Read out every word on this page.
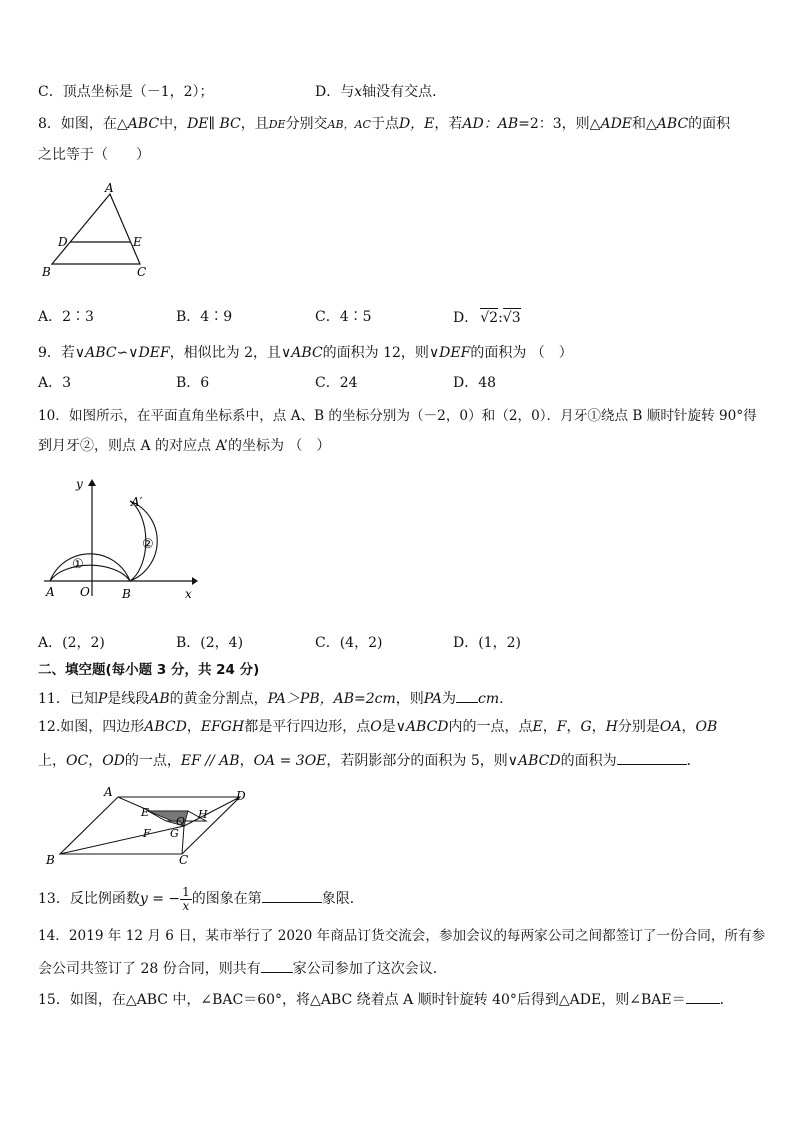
C．顶点坐标是（－1，2）；	D．与x轴没有交点．
8．如图，在△ABC中，DE∥ BC，且DE分别交AB，AC于点D，E，若AD：AB=2：3，则△ADE和△ABC的面积
之比等于（　　）
A
D	E
B	C
A．2∶3	B．4∶9	C．4∶5	D． √2:√3
9．若∨ABC∽∨DEF，相似比为 2，且∨ABC的面积为 12，则∨DEF的面积为 （　）
A．3	B．6	C．24	D．48
10．如图所示，在平面直角坐标系中，点 A、B 的坐标分别为（－2，0）和（2，0）．月牙①绕点 B 顺时针旋转 90°得
到月牙②，则点 A 的对应点 A’的坐标为 （　）
y
x
A O	B
A′
①
②
A．(2，2)	B．(2，4)	C．(4，2)	D．(1，2)
二、填空题(每小题 3 分，共 24 分)
11．已知P是线段AB的黄金分割点，PA＞PB，AB=2cm，则PA为 cm.
12.如图，四边形ABCD，EFGH都是平行四边形，点O是∨ABCD内的一点，点E，F，G，H分别是OA，OB
上，OC，OD的一点，EF // AB，OA = 3OE，若阴影部分的面积为 5，则∨ABCD的面积为	．
A	D
B	C
E
O
H
F G
13．反比例函数y = − $\frac{1}{x}$ 的图象在第	象限．
14．2019 年 12 月 6 日，某市举行了 2020 年商品订货交流会，参加会议的每两家公司之间都签订了一份合同，所有参
会公司共签订了 28 份合同，则共有 家公司参加了这次会议．
15．如图，在△ABC 中，∠BAC＝60°，将△ABC 绕着点 A 顺时针旋转 40°后得到△ADE，则∠BAE＝ ．
